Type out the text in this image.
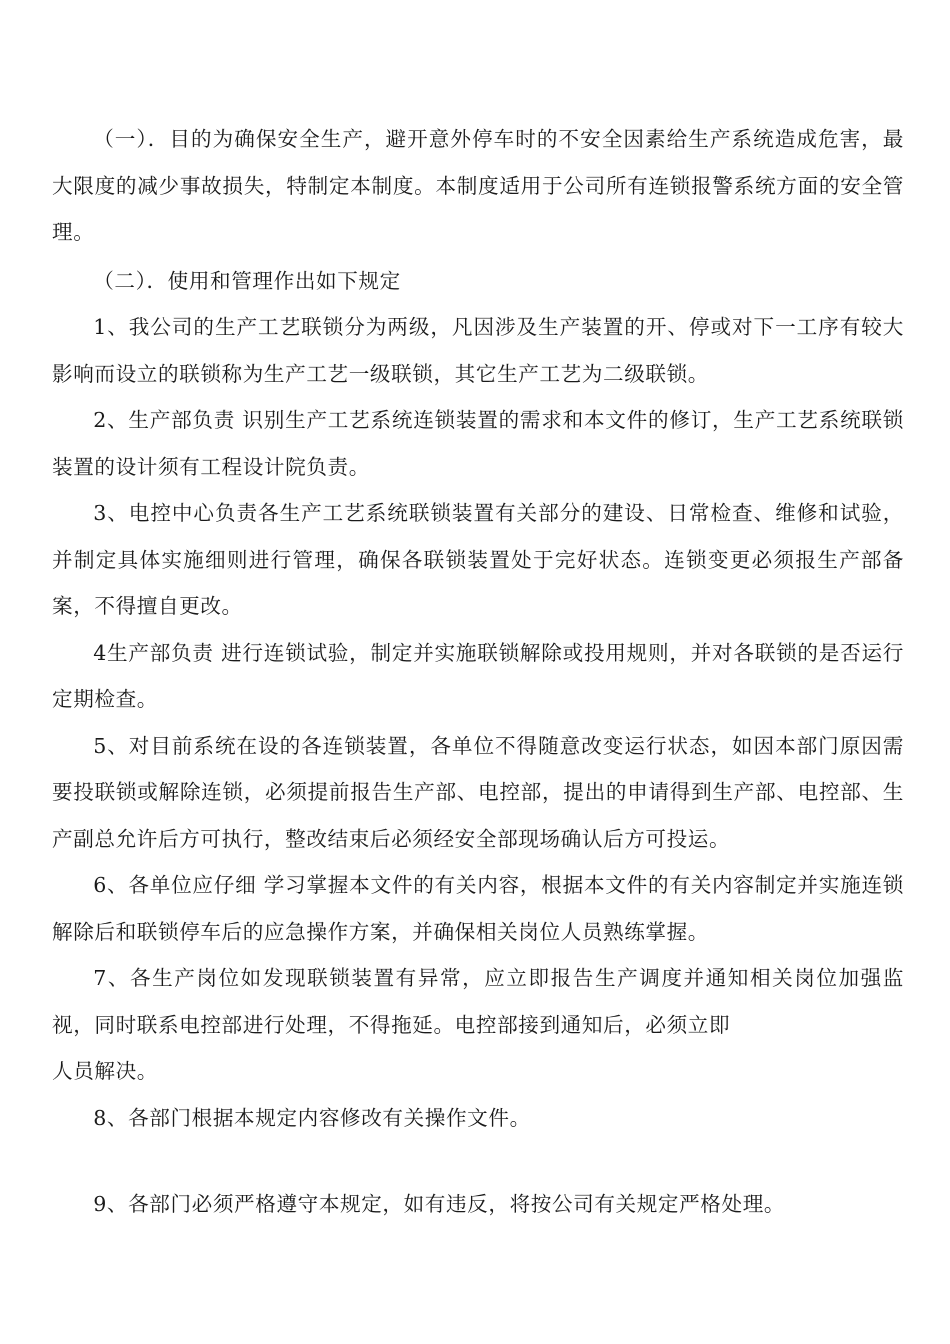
（一）．目的为确保安全生产，避开意外停车时的不安全因素给生产系统造成危害，最大限度的减少事故损失，特制定本制度。本制度适用于公司所有连锁报警系统方面的安全管理。

（二）．使用和管理作出如下规定

1、我公司的生产工艺联锁分为两级，凡因涉及生产装置的开、停或对下一工序有较大影响而设立的联锁称为生产工艺一级联锁，其它生产工艺为二级联锁。

2、生产部负责 识别生产工艺系统连锁装置的需求和本文件的修订，生产工艺系统联锁装置的设计须有工程设计院负责。

3、电控中心负责各生产工艺系统联锁装置有关部分的建设、日常检查、维修和试验，并制定具体实施细则进行管理，确保各联锁装置处于完好状态。连锁变更必须报生产部备案，不得擅自更改。

4生产部负责 进行连锁试验，制定并实施联锁解除或投用规则，并对各联锁的是否运行定期检查。

5、对目前系统在设的各连锁装置，各单位不得随意改变运行状态，如因本部门原因需要投联锁或解除连锁，必须提前报告生产部、电控部，提出的申请得到生产部、电控部、生产副总允许后方可执行，整改结束后必须经安全部现场确认后方可投运。

6、各单位应仔细 学习掌握本文件的有关内容，根据本文件的有关内容制定并实施连锁解除后和联锁停车后的应急操作方案，并确保相关岗位人员熟练掌握。

7、各生产岗位如发现联锁装置有异常，应立即报告生产调度并通知相关岗位加强监视，同时联系电控部进行处理，不得拖延。电控部接到通知后，必须立即

人员解决。

8、各部门根据本规定内容修改有关操作文件。

9、各部门必须严格遵守本规定，如有违反，将按公司有关规定严格处理。
